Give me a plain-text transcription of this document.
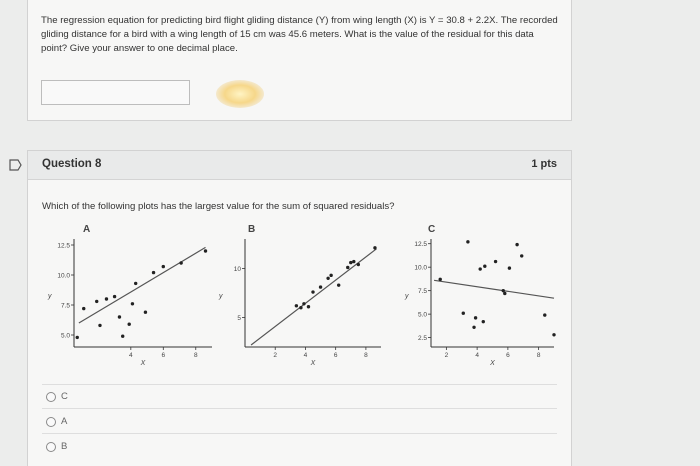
The regression equation for predicting bird flight gliding distance (Y) from wing length (X) is Y = 30.8 + 2.2X. The recorded gliding distance for a bird with a wing length of 15 cm was 45.6 meters. What is the value of the residual for this data point? Give your answer to one decimal place.
Question 8	1 pts
Which of the following plots has the largest value for the sum of squared residuals?
A
5.0
7.5
10.0
12.5
4	6	8
X
y
B
5
10
2	4	6	8
X
y
C
2.5
5.0
7.5
10.0
12.5
2	4	6	8
X
y
C
A
B
